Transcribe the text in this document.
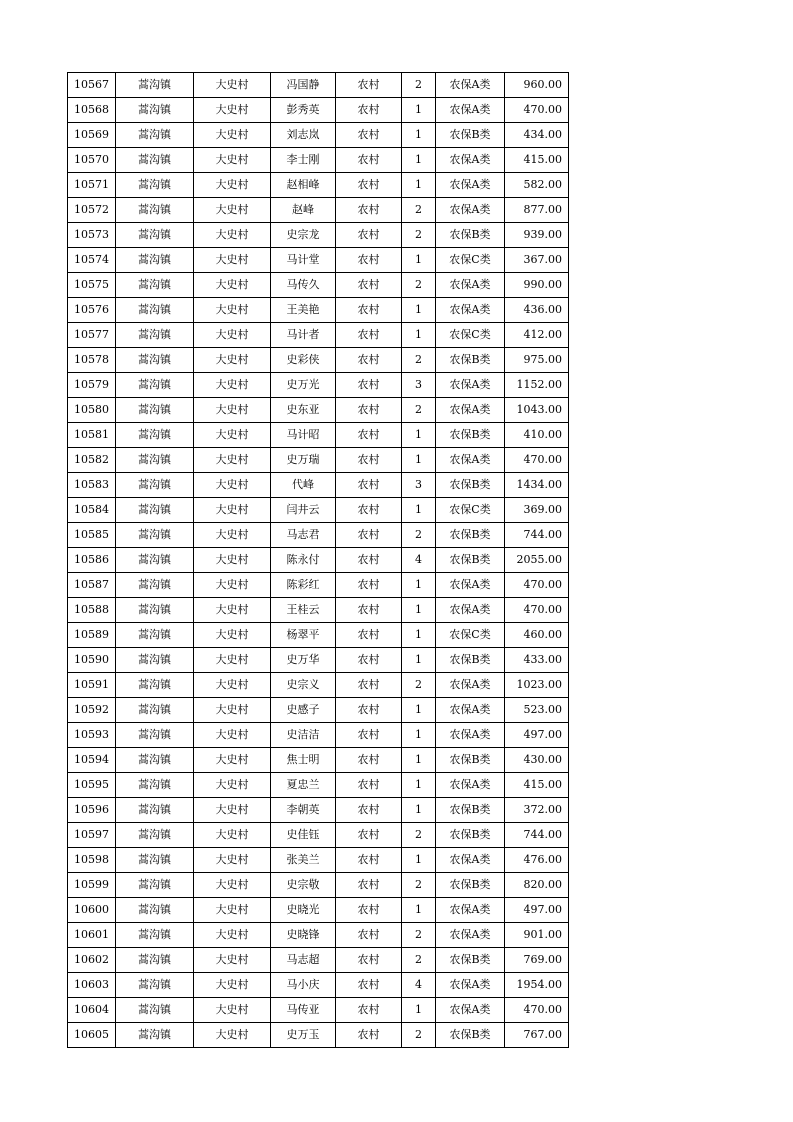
10567	蒿沟镇	大史村	冯国静	农村	2	农保A类	960.00
10568	蒿沟镇	大史村	彭秀英	农村	1	农保A类	470.00
10569	蒿沟镇	大史村	刘志岚	农村	1	农保B类	434.00
10570	蒿沟镇	大史村	李士刚	农村	1	农保A类	415.00
10571	蒿沟镇	大史村	赵相峰	农村	1	农保A类	582.00
10572	蒿沟镇	大史村	赵峰	农村	2	农保A类	877.00
10573	蒿沟镇	大史村	史宗龙	农村	2	农保B类	939.00
10574	蒿沟镇	大史村	马计堂	农村	1	农保C类	367.00
10575	蒿沟镇	大史村	马传久	农村	2	农保A类	990.00
10576	蒿沟镇	大史村	王美艳	农村	1	农保A类	436.00
10577	蒿沟镇	大史村	马计者	农村	1	农保C类	412.00
10578	蒿沟镇	大史村	史彩侠	农村	2	农保B类	975.00
10579	蒿沟镇	大史村	史万光	农村	3	农保A类	1152.00
10580	蒿沟镇	大史村	史东亚	农村	2	农保A类	1043.00
10581	蒿沟镇	大史村	马计昭	农村	1	农保B类	410.00
10582	蒿沟镇	大史村	史万瑞	农村	1	农保A类	470.00
10583	蒿沟镇	大史村	代峰	农村	3	农保B类	1434.00
10584	蒿沟镇	大史村	闫井云	农村	1	农保C类	369.00
10585	蒿沟镇	大史村	马志君	农村	2	农保B类	744.00
10586	蒿沟镇	大史村	陈永付	农村	4	农保B类	2055.00
10587	蒿沟镇	大史村	陈彩红	农村	1	农保A类	470.00
10588	蒿沟镇	大史村	王桂云	农村	1	农保A类	470.00
10589	蒿沟镇	大史村	杨翠平	农村	1	农保C类	460.00
10590	蒿沟镇	大史村	史万华	农村	1	农保B类	433.00
10591	蒿沟镇	大史村	史宗义	农村	2	农保A类	1023.00
10592	蒿沟镇	大史村	史感子	农村	1	农保A类	523.00
10593	蒿沟镇	大史村	史洁洁	农村	1	农保A类	497.00
10594	蒿沟镇	大史村	焦士明	农村	1	农保B类	430.00
10595	蒿沟镇	大史村	夏忠兰	农村	1	农保A类	415.00
10596	蒿沟镇	大史村	李朝英	农村	1	农保B类	372.00
10597	蒿沟镇	大史村	史佳钰	农村	2	农保B类	744.00
10598	蒿沟镇	大史村	张美兰	农村	1	农保A类	476.00
10599	蒿沟镇	大史村	史宗敬	农村	2	农保B类	820.00
10600	蒿沟镇	大史村	史晓光	农村	1	农保A类	497.00
10601	蒿沟镇	大史村	史晓锋	农村	2	农保A类	901.00
10602	蒿沟镇	大史村	马志超	农村	2	农保B类	769.00
10603	蒿沟镇	大史村	马小庆	农村	4	农保A类	1954.00
10604	蒿沟镇	大史村	马传亚	农村	1	农保A类	470.00
10605	蒿沟镇	大史村	史万玉	农村	2	农保B类	767.00
